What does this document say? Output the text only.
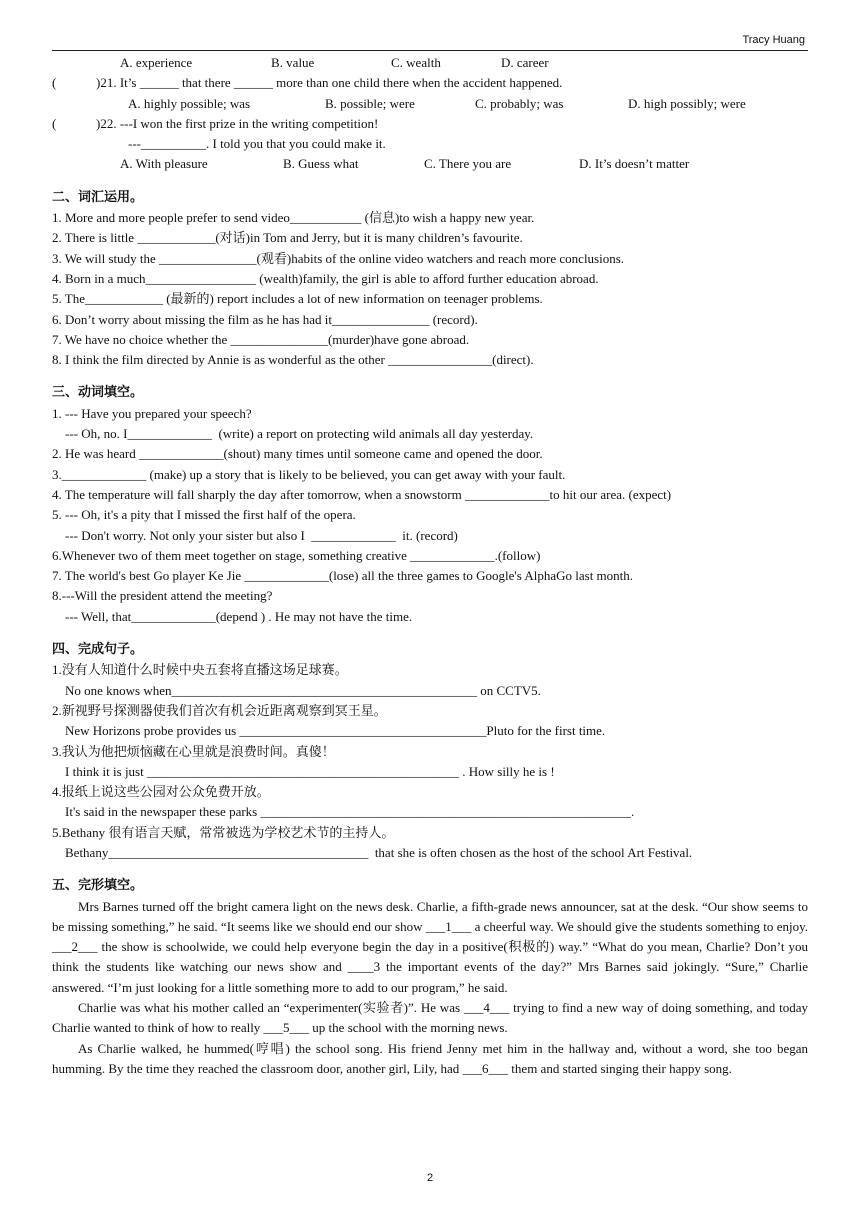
Tracy Huang
A. experience	B. value	C. wealth	D. career
(	)21. It’s ______ that there ______ more than one child there when the accident happened.
A. highly possible; was	B. possible; were	C. probably; was	D. high possibly; were
(	)22. ---I won the first prize in the writing competition!
---__________. I told you that you could make it.
A. With pleasure	B. Guess what	C. There you are	D. It’s doesn’t matter
二、词汇运用。
1. More and more people prefer to send video___________ (信息)to wish a happy new year.
2. There is little ____________(对话)in Tom and Jerry, but it is many children’s favourite.
3. We will study the _______________(观看)habits of the online video watchers and reach more conclusions.
4. Born in a much_________________ (wealth)family, the girl is able to afford further education abroad.
5. The____________ (最新的) report includes a lot of new information on teenager problems.
6. Don’t worry about missing the film as he has had it_______________ (record).
7. We have no choice whether the _______________(murder)have gone abroad.
8. I think the film directed by Annie is as wonderful as the other ________________(direct).
三、动词填空。
1. --- Have you prepared your speech?
--- Oh, no. I_____________  (write) a report on protecting wild animals all day yesterday.
2. He was heard _____________(shout) many times until someone came and opened the door.
3._____________ (make) up a story that is likely to be believed, you can get away with your fault.
4. The temperature will fall sharply the day after tomorrow, when a snowstorm _____________to hit our area. (expect)
5. --- Oh, it's a pity that I missed the first half of the opera.
--- Don't worry. Not only your sister but also I  _____________  it. (record)
6.Whenever two of them meet together on stage, something creative _____________.(follow)
7. The world's best Go player Ke Jie _____________(lose) all the three games to Google's AlphaGo last month.
8.---Will the president attend the meeting?
--- Well, that_____________(depend ) . He may not have the time.
四、完成句子。
1.没有人知道什么时候中央五套将直播这场足球赛。
No one knows when_______________________________________________ on CCTV5.
2.新视野号探测器使我们首次有机会近距离观察到冥王星。
New Horizons probe provides us ______________________________________Pluto for the first time.
3.我认为他把烦恼藏在心里就是浪费时间。真傻！
I think it is just ________________________________________________ . How silly he is !
4.报纸上说这些公园对公众免费开放。
It's said in the newspaper these parks _________________________________________________________.
5.Bethany 很有语言天赋，常常被选为学校艺术节的主持人。
Bethany________________________________________  that she is often chosen as the host of the school Art Festival.
五、完形填空。

Mrs Barnes turned off the bright camera light on the news desk. Charlie, a fifth-grade news announcer, sat at the desk. “Our show seems to be missing something,” he said. “It seems like we should end our show ___1___ a cheerful way. We should give the students something to enjoy. ___2___ the show is schoolwide, we could help everyone begin the day in a positive(积极的) way.” “What do you mean, Charlie? Don’t you think the students like watching our news show and ____3 the important events of the day?” Mrs Barnes said jokingly. “Sure,” Charlie answered. “I’m just looking for a little something more to add to our program,” he said.

Charlie was what his mother called an “experimenter(实验者)”. He was ___4___ trying to find a new way of doing something, and today Charlie wanted to think of how to really ___5___ up the school with the morning news.

As Charlie walked, he hummed(哼唱) the school song. His friend Jenny met him in the hallway and, without a word, she too began humming. By the time they reached the classroom door, another girl, Lily, had ___6___ them and started singing their happy song.

2
